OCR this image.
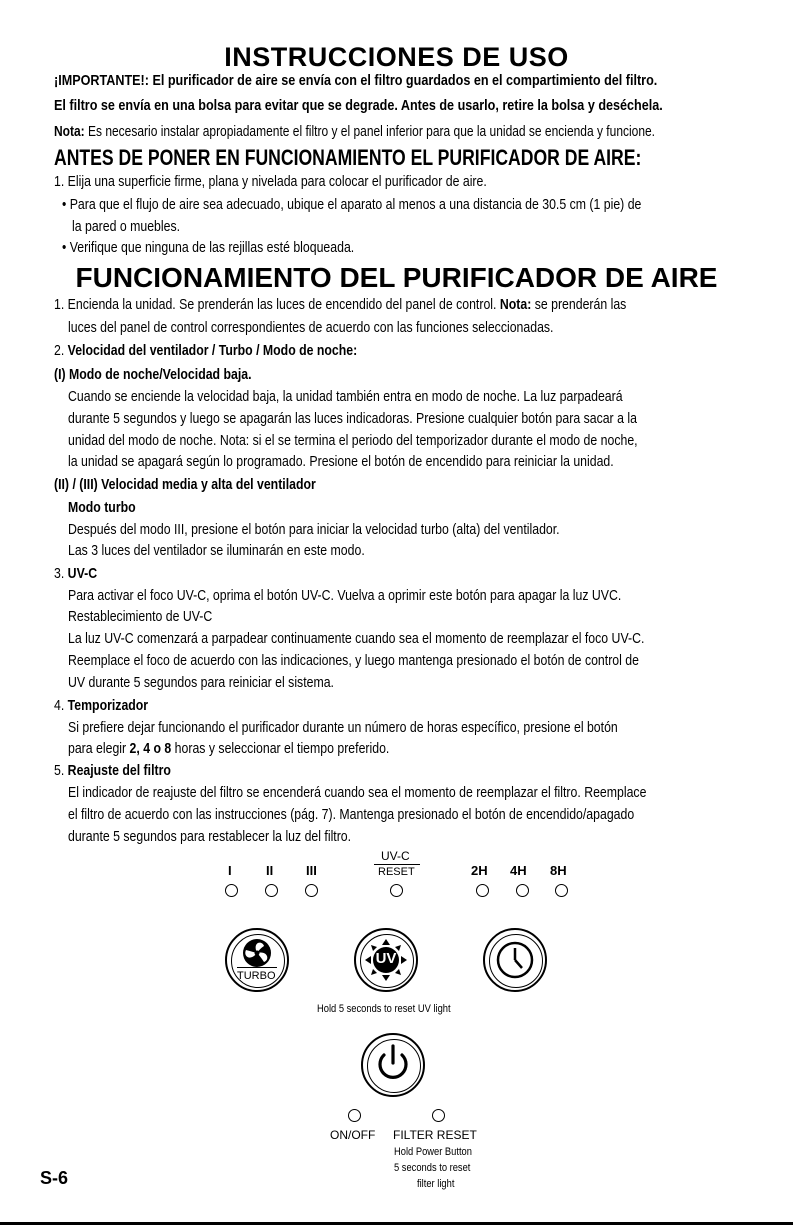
INSTRUCCIONES DE USO
¡IMPORTANTE!: El purificador de aire se envía con el filtro guardados en el compartimiento del filtro.
El filtro se envía en una bolsa para evitar que se degrade. Antes de usarlo, retire la bolsa y deséchela.
Nota: Es necesario instalar apropiadamente el filtro y el panel inferior para que la unidad se encienda y funcione.
ANTES DE PONER EN FUNCIONAMIENTO EL PURIFICADOR DE AIRE:
1. Elija una superficie firme, plana y nivelada para colocar el purificador de aire.
• Para que el flujo de aire sea adecuado, ubique el aparato al menos a una distancia de 30.5 cm (1 pie) de
la pared o muebles.
• Verifique que ninguna de las rejillas esté bloqueada.
FUNCIONAMIENTO DEL PURIFICADOR DE AIRE
1. Encienda la unidad. Se prenderán las luces de encendido del panel de control. Nota: se prenderán las
luces del panel de control correspondientes de acuerdo con las funciones seleccionadas.
2. Velocidad del ventilador / Turbo / Modo de noche:
(I) Modo de noche/Velocidad baja.
Cuando se enciende la velocidad baja, la unidad también entra en modo de noche. La luz parpadeará
durante 5 segundos y luego se apagarán las luces indicadoras. Presione cualquier botón para sacar a la
unidad del modo de noche. Nota: si el se termina el periodo del temporizador durante el modo de noche,
la unidad se apagará según lo programado. Presione el botón de encendido para reiniciar la unidad.
(II) / (III) Velocidad media y alta del ventilador
Modo turbo
Después del modo III, presione el botón para iniciar la velocidad turbo (alta) del ventilador.
Las 3 luces del ventilador se iluminarán en este modo.
3. UV-C
Para activar el foco UV-C, oprima el botón UV-C. Vuelva a oprimir este botón para apagar la luz UVC.
Restablecimiento de UV-C
La luz UV-C comenzará a parpadear continuamente cuando sea el momento de reemplazar el foco UV-C.
Reemplace el foco de acuerdo con las indicaciones, y luego mantenga presionado el botón de control de
UV durante 5 segundos para reiniciar el sistema.
4. Temporizador
Si prefiere dejar funcionando el purificador durante un número de horas específico, presione el botón
para elegir 2, 4 o 8 horas y seleccionar el tiempo preferido.
5. Reajuste del filtro
El indicador de reajuste del filtro se encenderá cuando sea el momento de reemplazar el filtro. Reemplace
el filtro de acuerdo con las instrucciones (pág. 7). Mantenga presionado el botón de encendido/apagado
durante 5 segundos para restablecer la luz del filtro.
I	II	III
UV-C
RESET	2H 4H 8H
TURBO
UV
Hold 5 seconds to reset UV light
ON/OFF FILTER RESET
Hold Power Button
5 seconds to reset
filter light
S-6
